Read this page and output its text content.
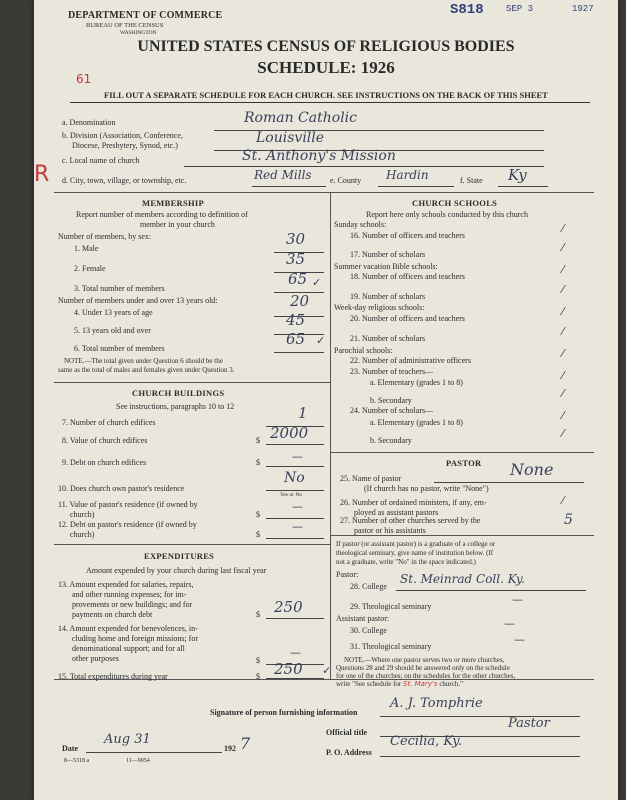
DEPARTMENT OF COMMERCE
BUREAU OF THE CENSUS
WASHINGTON
S818 SEP 3	1927
UNITED STATES CENSUS OF RELIGIOUS BODIES
SCHEDULE: 1926
61
FILL OUT A SEPARATE SCHEDULE FOR EACH CHURCH. SEE INSTRUCTIONS ON THE BACK OF THIS SHEET
a. Denomination	Roman Catholic
b. Division (Association, Conference,
Diocese, Presbytery, Synod, etc.)	Louisville
R
c. Local name of church	St. Anthony's Mission
d. City, town, village, or township, etc.	Red Mills e. County Hardin	f. State Ky
MEMBERSHIP
Report number of members according to definition of
member in your church
Number of members, by sex:
1. Male
30
2. Female
35
3. Total number of members
65 ✓
Number of members under and over 13 years old:
4. Under 13 years of age
20
5. 13 years old and over
45
6. Total number of members
65 ✓
NOTE.—The total given under Question 6 should be the
same as the total of males and females given under Question 3.
CHURCH BUILDINGS
See instructions, paragraphs 10 to 12
7. Number of church edifices
1
8. Value of church edifices	$ 2000
9. Debt on church edifices	$	—
10. Does church own pastor's residence
No
Yes or No
11. Value of pastor's residence (if owned by
church)	$
—
12. Debt on pastor's residence (if owned by
church)	$
—
EXPENDITURES
Amount expended by your church during last fiscal year
13. Amount expended for salaries, repairs,
and other running expenses; for im-
provements or new buildings; and for
payments on church debt	$ 250
14. Amount expended for benevolences, in-
cluding home and foreign missions; for
denominational support; and for all
other purposes	$
—
15. Total expenditures during year	$ 250 ✓
CHURCH SCHOOLS
Report here only schools conducted by this church
Sunday schools:
16. Number of officers and teachers
⁄
17. Number of scholars
⁄
Summer vacation Bible schools:
18. Number of officers and teachers
⁄
19. Number of scholars
⁄
Week-day religious schools:
20. Number of officers and teachers
⁄
21. Number of scholars
⁄
Parochial schools:
22. Number of administrative officers
⁄
23. Number of teachers—
a. Elementary (grades 1 to 8)
⁄
b. Secondary
⁄
24. Number of scholars—
a. Elementary (grades 1 to 8)
⁄
b. Secondary
⁄
PASTOR
25. Name of pastor	None
(If church has no pastor, write "None")
26. Number of ordained ministers, if any, em-
ployed as assistant pastors
⁄
27. Number of other churches served by the
pastor or his assistants
5
If pastor (or assistant pastor) is a graduate of a college or
theological seminary, give name of institution below. (If
not a graduate, write "No" in the space indicated.)
Pastor:
28. College
St. Meinrad Coll. Ky.
29. Theological seminary
—
Assistant pastor:
30. College
—
31. Theological seminary
—
NOTE.—Where one pastor serves two or more churches,
Questions 28 and 29 should be answered only on the schedule
for one of the churches; on the schedules for the other churches,
write "See schedule for St. Mary's church."
Signature of person furnishing information
A. J. Tomphrie
Official title
Pastor
Date
Aug 31
192 7	P. O. Address
Cecilia, Ky.
8—5318 a	11—9054
